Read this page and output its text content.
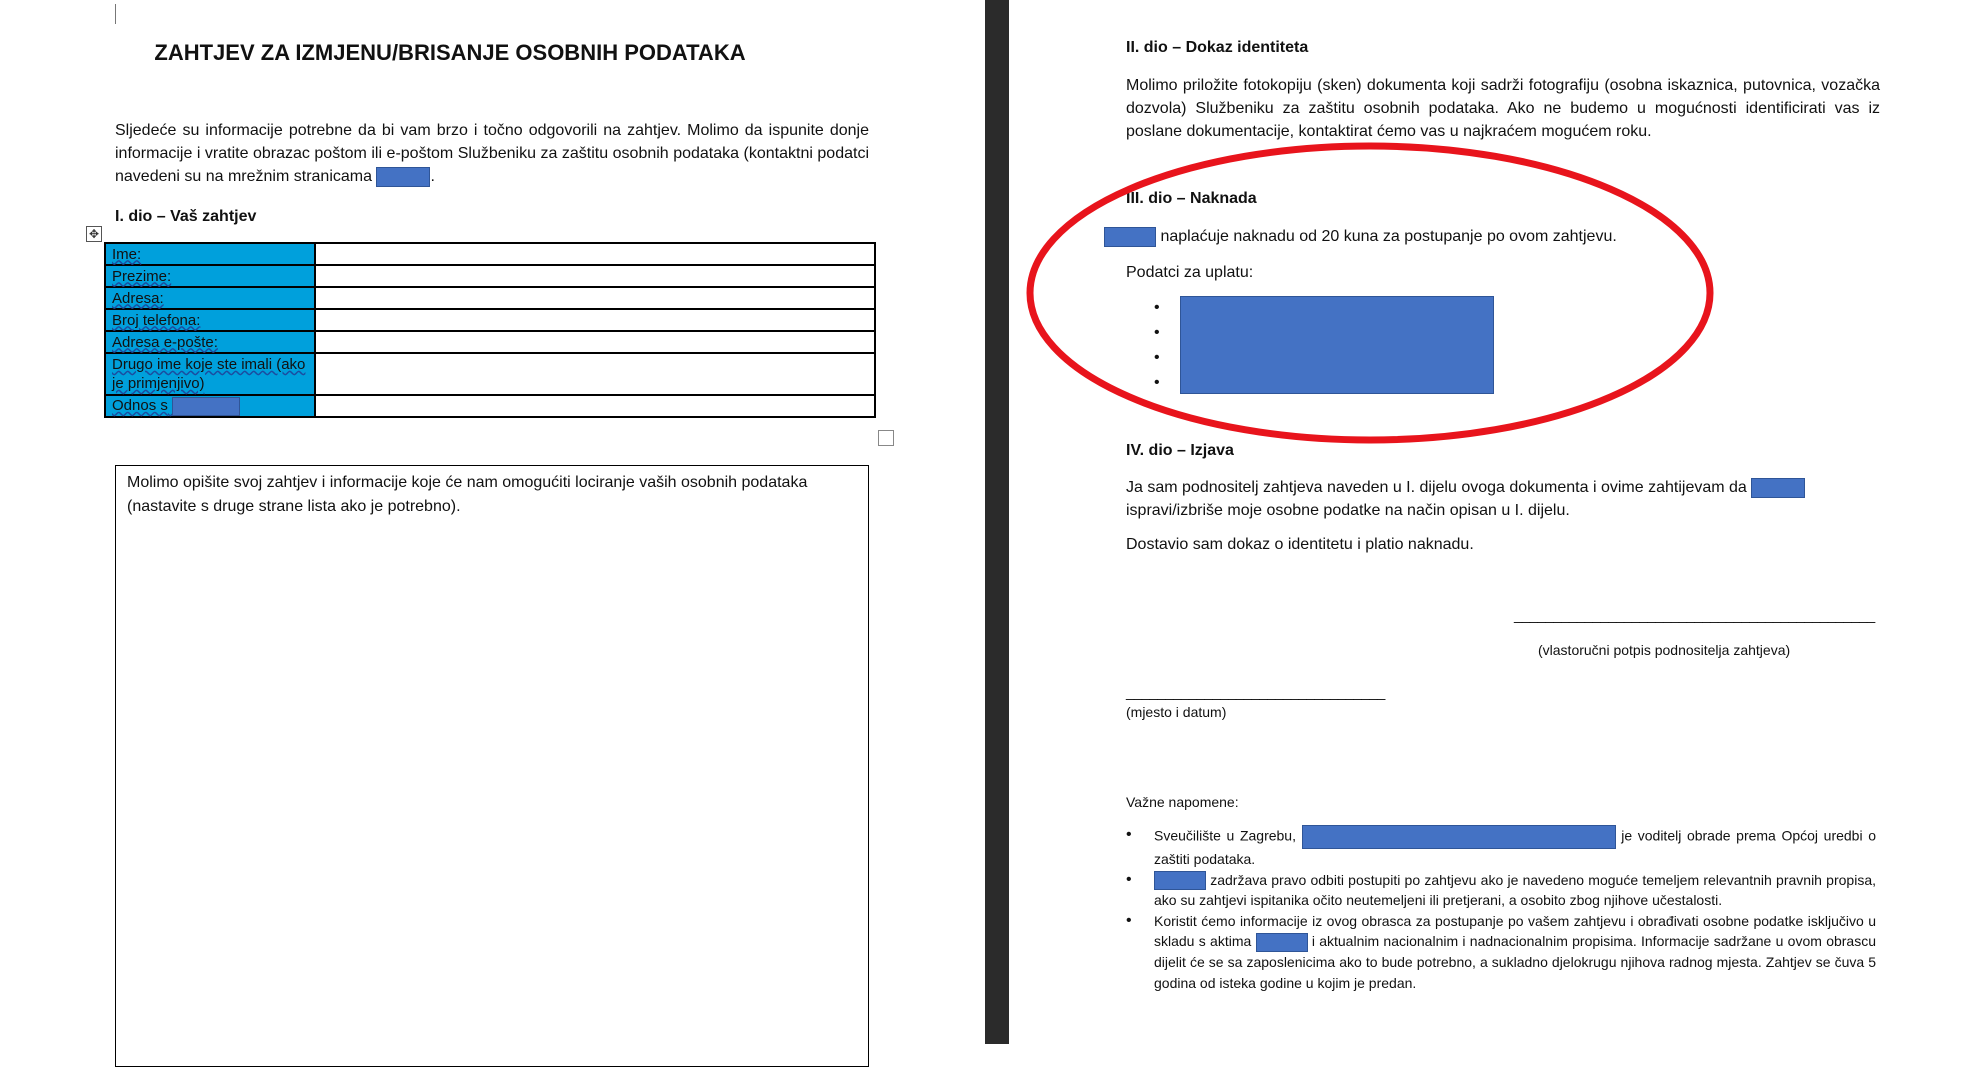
ZAHTJEV ZA IZMJENU/BRISANJE OSOBNIH PODATAKA
Sljedeće su informacije potrebne da bi vam brzo i točno odgovorili na zahtjev. Molimo da ispunite donje informacije i vratite obrazac poštom ili e-poštom Službeniku za zaštitu osobnih podataka (kontaktni podatci navedeni su na mrežnim stranicama	.
I. dio – Vaš zahtjev
✥
Ime:	
Prezime:	
Adresa:	
Broj telefona:	
Adresa e-pošte:	
Drugo ime koje ste imali (ako je primjenjivo)	
Odnos s	
Molimo opišite svoj zahtjev i informacije koje će nam omogućiti lociranje vaših osobnih podataka (nastavite s druge strane lista ako je potrebno).
II. dio – Dokaz identiteta
Molimo priložite fotokopiju (sken) dokumenta koji sadrži fotografiju (osobna iskaznica, putovnica, vozačka dozvola) Službeniku za zaštitu osobnih podataka. Ako ne budemo u mogućnosti identificirati vas iz poslane dokumentacije, kontaktirat ćemo vas u najkraćem mogućem roku.
III. dio – Naknada
naplaćuje naknadu od 20 kuna za postupanje po ovom zahtjevu.
Podatci za uplatu:
•
•
•
•
IV. dio – Izjava
Ja sam podnositelj zahtjeva naveden u I. dijelu ovoga dokumenta i ovime zahtijevam da
ispravi/izbriše moje osobne podatke na način opisan u I. dijelu.
Dostavio sam dokaz o identitetu i platio naknadu.
______________________________________________
(vlastoručni potpis podnositelja zahtjeva)
_________________________________
(mjesto i datum)
Važne napomene:
• Sveučilište u Zagrebu,	je voditelj obrade prema Općoj uredbi o zaštiti podataka.
• zadržava pravo odbiti postupiti po zahtjevu ako je navedeno moguće temeljem relevantnih pravnih propisa, ako su zahtjevi ispitanika očito neutemeljeni ili pretjerani, a osobito zbog njihove učestalosti.
• Koristit ćemo informacije iz ovog obrasca za postupanje po vašem zahtjevu i obrađivati osobne podatke isključivo u skladu s aktima	i aktualnim nacionalnim i nadnacionalnim propisima. Informacije sadržane u ovom obrascu dijelit će se sa zaposlenicima ako to bude potrebno, a sukladno djelokrugu njihova radnog mjesta. Zahtjev se čuva 5 godina od isteka godine u kojim je predan.
